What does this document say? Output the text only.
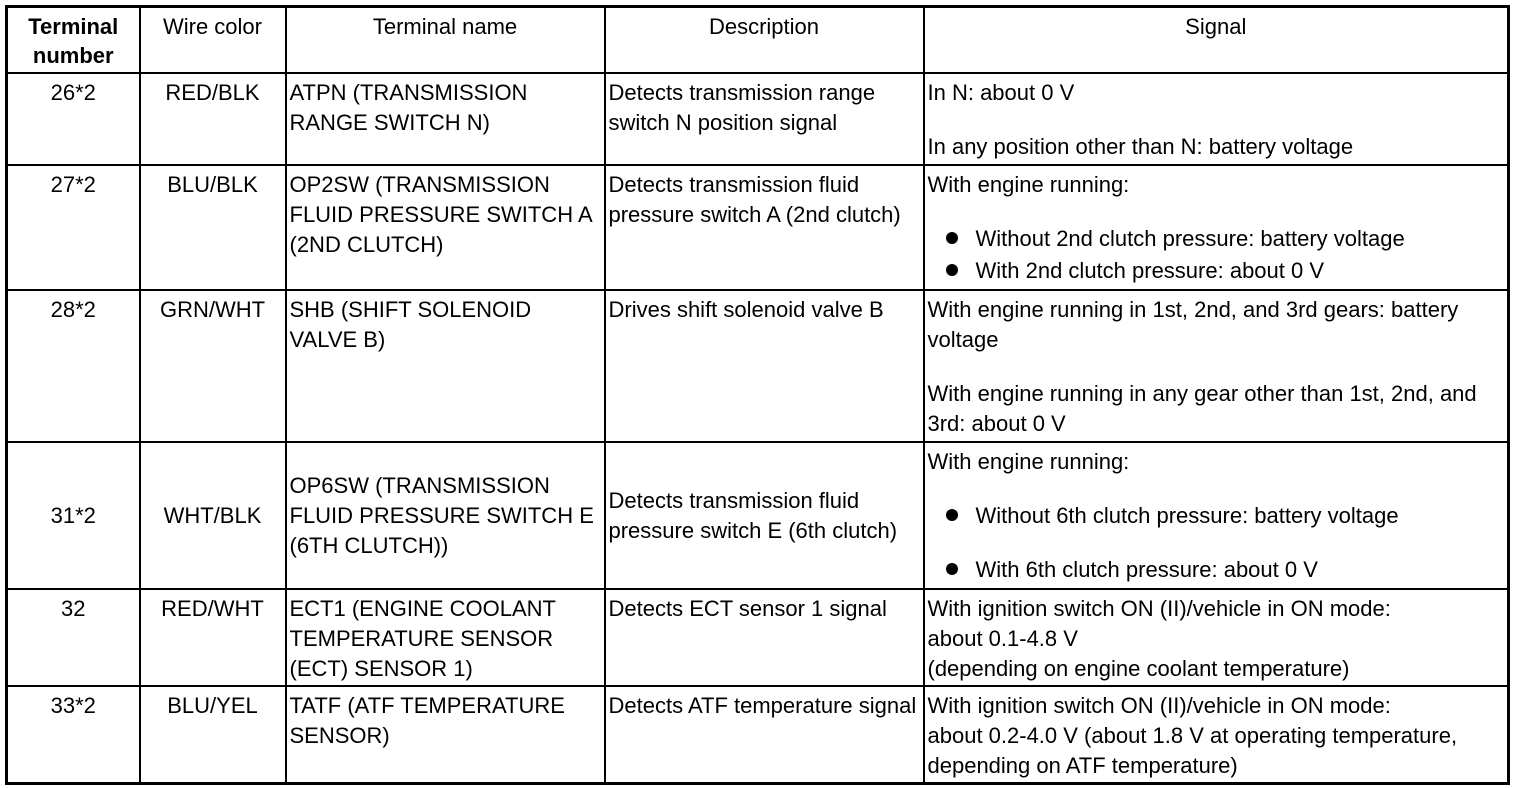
Terminal number	Wire color	Terminal name	Description	Signal
26*2	RED/BLK	ATPN (TRANSMISSION RANGE SWITCH N)	Detects transmission range switch N position signal	In N: about 0 V
In any position other than N: battery voltage

27*2	BLU/BLK	OP2SW (TRANSMISSION FLUID PRESSURE SWITCH A (2ND CLUTCH)	Detects transmission fluid pressure switch A (2nd clutch)	With engine running:
Without 2nd clutch pressure: battery voltage
With 2nd clutch pressure: about 0 V

28*2	GRN/WHT	SHB (SHIFT SOLENOID VALVE B)	Drives shift solenoid valve B	With engine running in 1st, 2nd, and 3rd gears: battery voltage
With engine running in any gear other than 1st, 2nd, and 3rd: about 0 V

31*2	WHT/BLK	OP6SW (TRANSMISSION FLUID PRESSURE SWITCH E (6TH CLUTCH))	Detects transmission fluid pressure switch E (6th clutch)	With engine running:
Without 6th clutch pressure: battery voltage
With 6th clutch pressure: about 0 V

32	RED/WHT	ECT1 (ENGINE COOLANT TEMPERATURE SENSOR (ECT) SENSOR 1)	Detects ECT sensor 1 signal	With ignition switch ON (II)/vehicle in ON mode:
about 0.1-4.8 V
(depending on engine coolant temperature)

33*2	BLU/YEL	TATF (ATF TEMPERATURE SENSOR)	Detects ATF temperature signal	With ignition switch ON (II)/vehicle in ON mode:
about 0.2-4.0 V (about 1.8 V at operating temperature, depending on ATF temperature)
